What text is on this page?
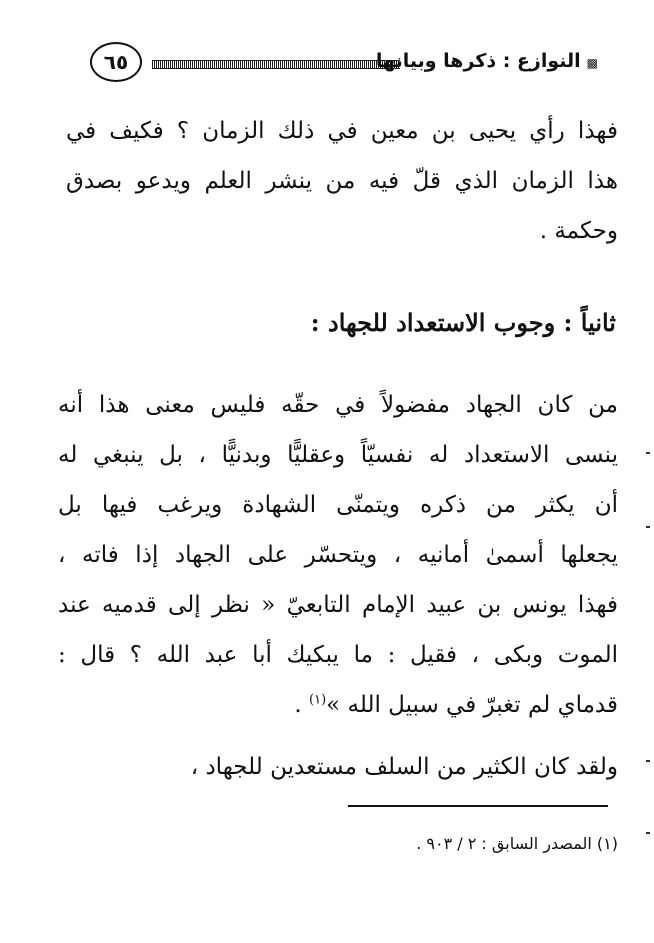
٦٥	▩النوازع : ذكرها وبيانها
فهذا رأي يحيى بن معين في ذلك الزمان ؟ فكيف في
هذا الزمان الذي قلّ فيه من ينشر العلم ويدعو بصدق
وحكمة .
ثانياً : وجوب الاستعداد للجهاد :
من كان الجهاد مفضولاً في حقّه فليس معنى هذا أنه
ينسى الاستعداد له نفسيّاً وعقليًّا وبدنيًّا ، بل ينبغي له
أن يكثر من ذكره ويتمنّى الشهادة ويرغب فيها بل
يجعلها أسمىٰ أمانيه ، ويتحسّر على الجهاد إذا فاته ،
فهذا يونس بن عبيد الإمام التابعيّ « نظر إلى قدميه عند
الموت وبكى ، فقيل : ما يبكيك أبا عبد الله ؟ قال :
قدماي لم تغبرّ في سبيل الله »$^{(١)}$ .
ولقد كان الكثير من السلف مستعدين للجهاد ،
(١) المصدر السابق : ٢ / ٩٠٣ .
